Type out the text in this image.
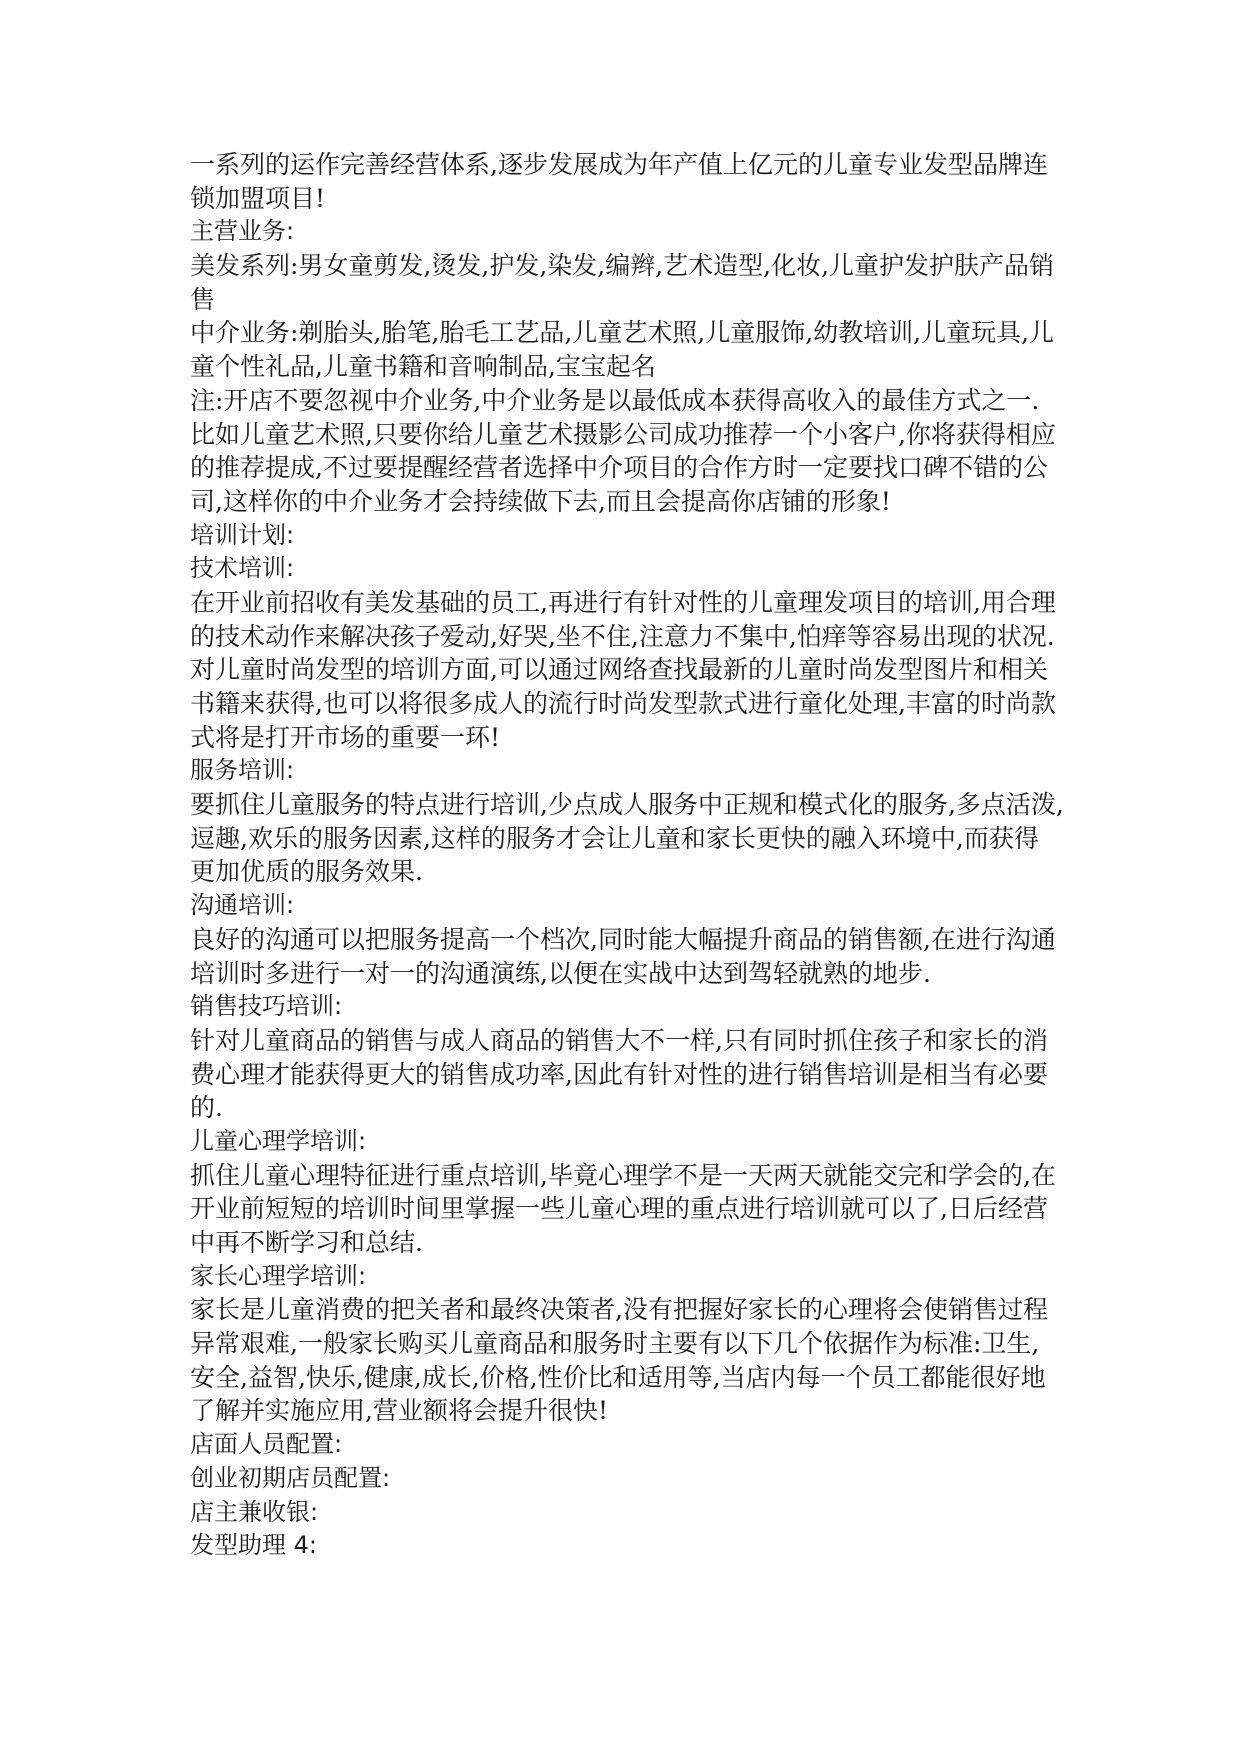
一系列的运作完善经营体系,逐步发展成为年产值上亿元的儿童专业发型品牌连
锁加盟项目!
主营业务:
美发系列:男女童剪发,烫发,护发,染发,编辫,艺术造型,化妆,儿童护发护肤产品销
售
中介业务:剃胎头,胎笔,胎毛工艺品,儿童艺术照,儿童服饰,幼教培训,儿童玩具,儿
童个性礼品,儿童书籍和音响制品,宝宝起名
注:开店不要忽视中介业务,中介业务是以最低成本获得高收入的最佳方式之一.
比如儿童艺术照,只要你给儿童艺术摄影公司成功推荐一个小客户,你将获得相应
的推荐提成,不过要提醒经营者选择中介项目的合作方时一定要找口碑不错的公
司,这样你的中介业务才会持续做下去,而且会提高你店铺的形象!
培训计划:
技术培训:
在开业前招收有美发基础的员工,再进行有针对性的儿童理发项目的培训,用合理
的技术动作来解决孩子爱动,好哭,坐不住,注意力不集中,怕痒等容易出现的状况.
对儿童时尚发型的培训方面,可以通过网络查找最新的儿童时尚发型图片和相关
书籍来获得,也可以将很多成人的流行时尚发型款式进行童化处理,丰富的时尚款
式将是打开市场的重要一环!
服务培训:
要抓住儿童服务的特点进行培训,少点成人服务中正规和模式化的服务,多点活泼,
逗趣,欢乐的服务因素,这样的服务才会让儿童和家长更快的融入环境中,而获得
更加优质的服务效果.
沟通培训:
良好的沟通可以把服务提高一个档次,同时能大幅提升商品的销售额,在进行沟通
培训时多进行一对一的沟通演练,以便在实战中达到驾轻就熟的地步.
销售技巧培训:
针对儿童商品的销售与成人商品的销售大不一样,只有同时抓住孩子和家长的消
费心理才能获得更大的销售成功率,因此有针对性的进行销售培训是相当有必要
的.
儿童心理学培训:
抓住儿童心理特征进行重点培训,毕竟心理学不是一天两天就能交完和学会的,在
开业前短短的培训时间里掌握一些儿童心理的重点进行培训就可以了,日后经营
中再不断学习和总结.
家长心理学培训:
家长是儿童消费的把关者和最终决策者,没有把握好家长的心理将会使销售过程
异常艰难,一般家长购买儿童商品和服务时主要有以下几个依据作为标准:卫生,
安全,益智,快乐,健康,成长,价格,性价比和适用等,当店内每一个员工都能很好地
了解并实施应用,营业额将会提升很快!
店面人员配置:
创业初期店员配置:
店主兼收银:
发型助理 4:
